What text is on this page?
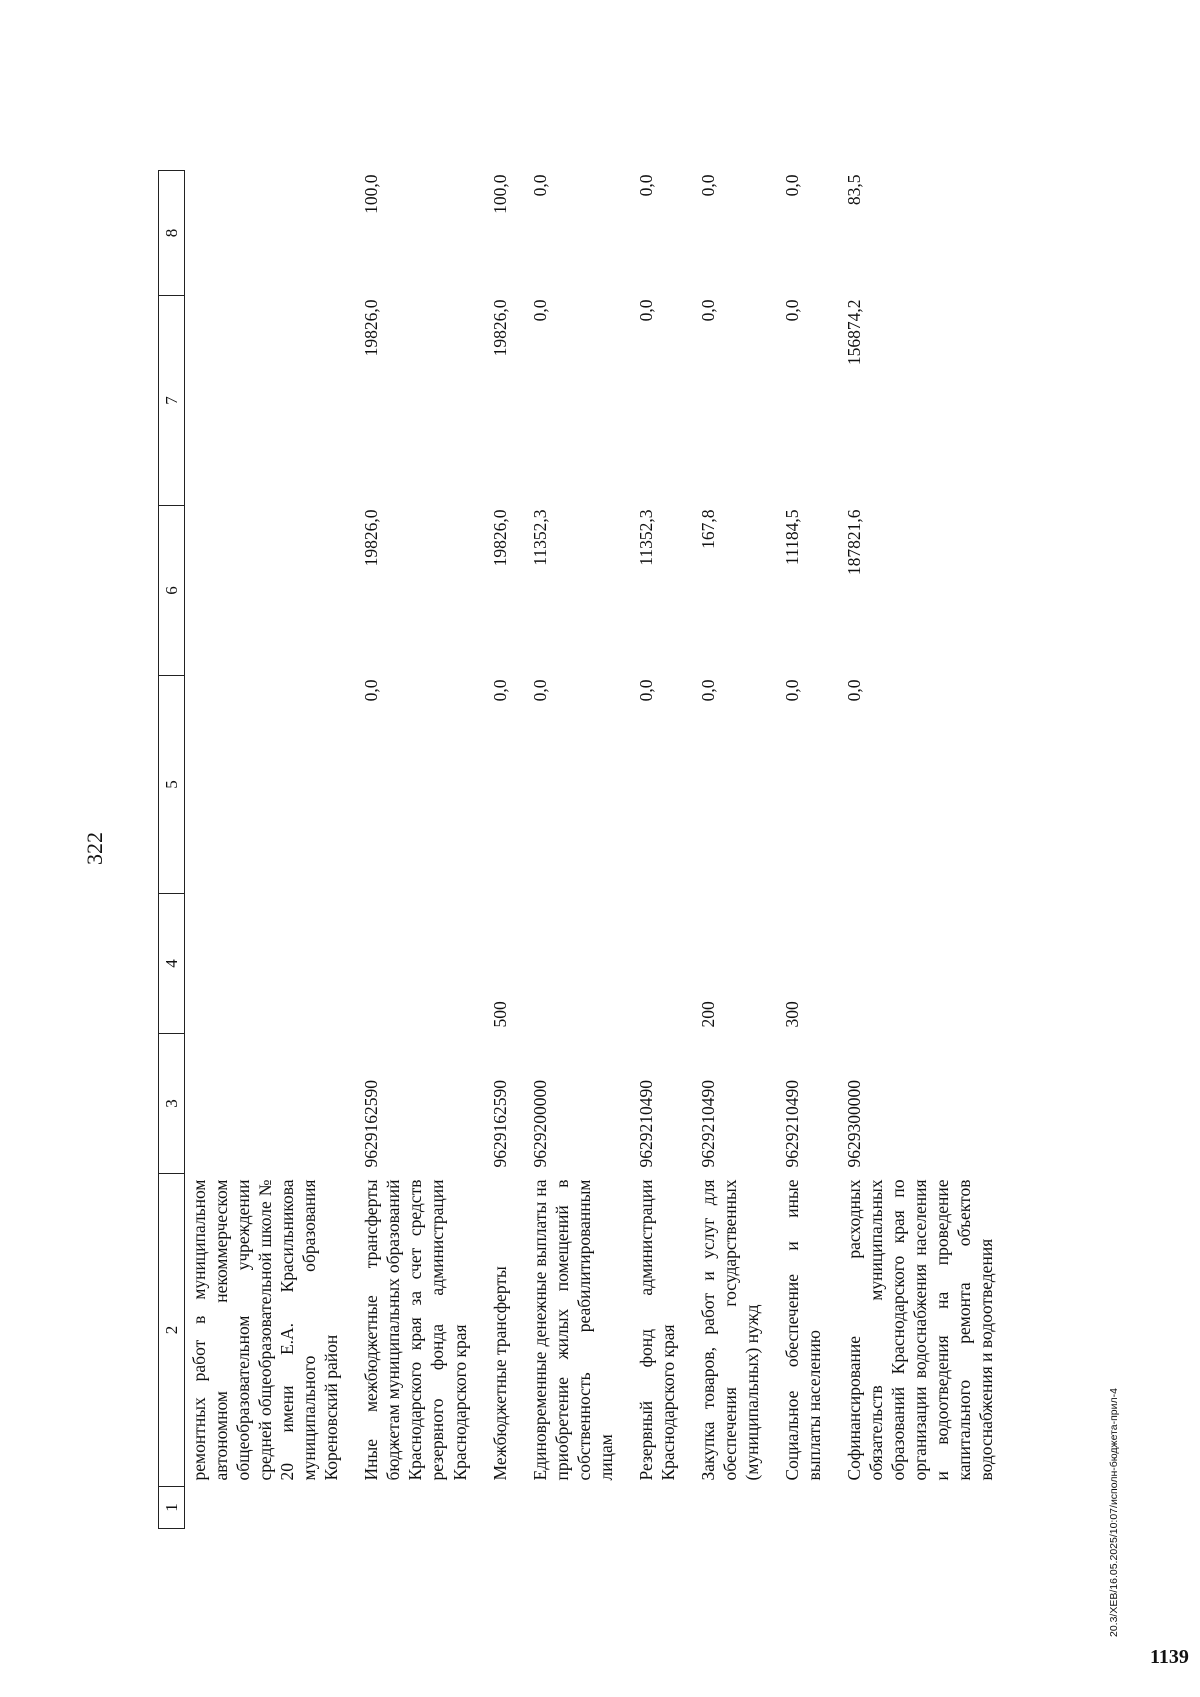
322
1	2	3	4	5	6	7	8
	ремонтных работ в муниципальном автономном некоммерческом общеобразовательном учреждении средней общеобразовательной школе № 20 имени Е.А. Красильникова муниципального образования Кореновский район						
	Иные межбюджетные трансферты бюджетам муниципальных образований Краснодарского края за счет средств резервного фонда администрации Краснодарского края	9629162590		0,0	19826,0	19826,0	100,0
	Межбюджетные трансферты	9629162590	500	0,0	19826,0	19826,0	100,0
	Единовременные денежные выплаты на приобретение жилых помещений в собственность реабилитированным лицам	9629200000		0,0	11352,3	0,0	0,0
	Резервный фонд администрации Краснодарского края	9629210490		0,0	11352,3	0,0	0,0
	Закупка товаров, работ и услуг для обеспечения государственных (муниципальных) нужд	9629210490	200	0,0	167,8	0,0	0,0
	Социальное обеспечение и иные выплаты населению	9629210490	300	0,0	11184,5	0,0	0,0
	Софинансирование расходных обязательств муниципальных образований Краснодарского края по организации водоснабжения населения и водоотведения на проведение капитального ремонта объектов водоснабжения и водоотведения	9629300000		0,0	187821,6	156874,2	83,5
20.3/ХЕВ/16.05.2025/10:07/исполн-бюджета-прил-4
1139
